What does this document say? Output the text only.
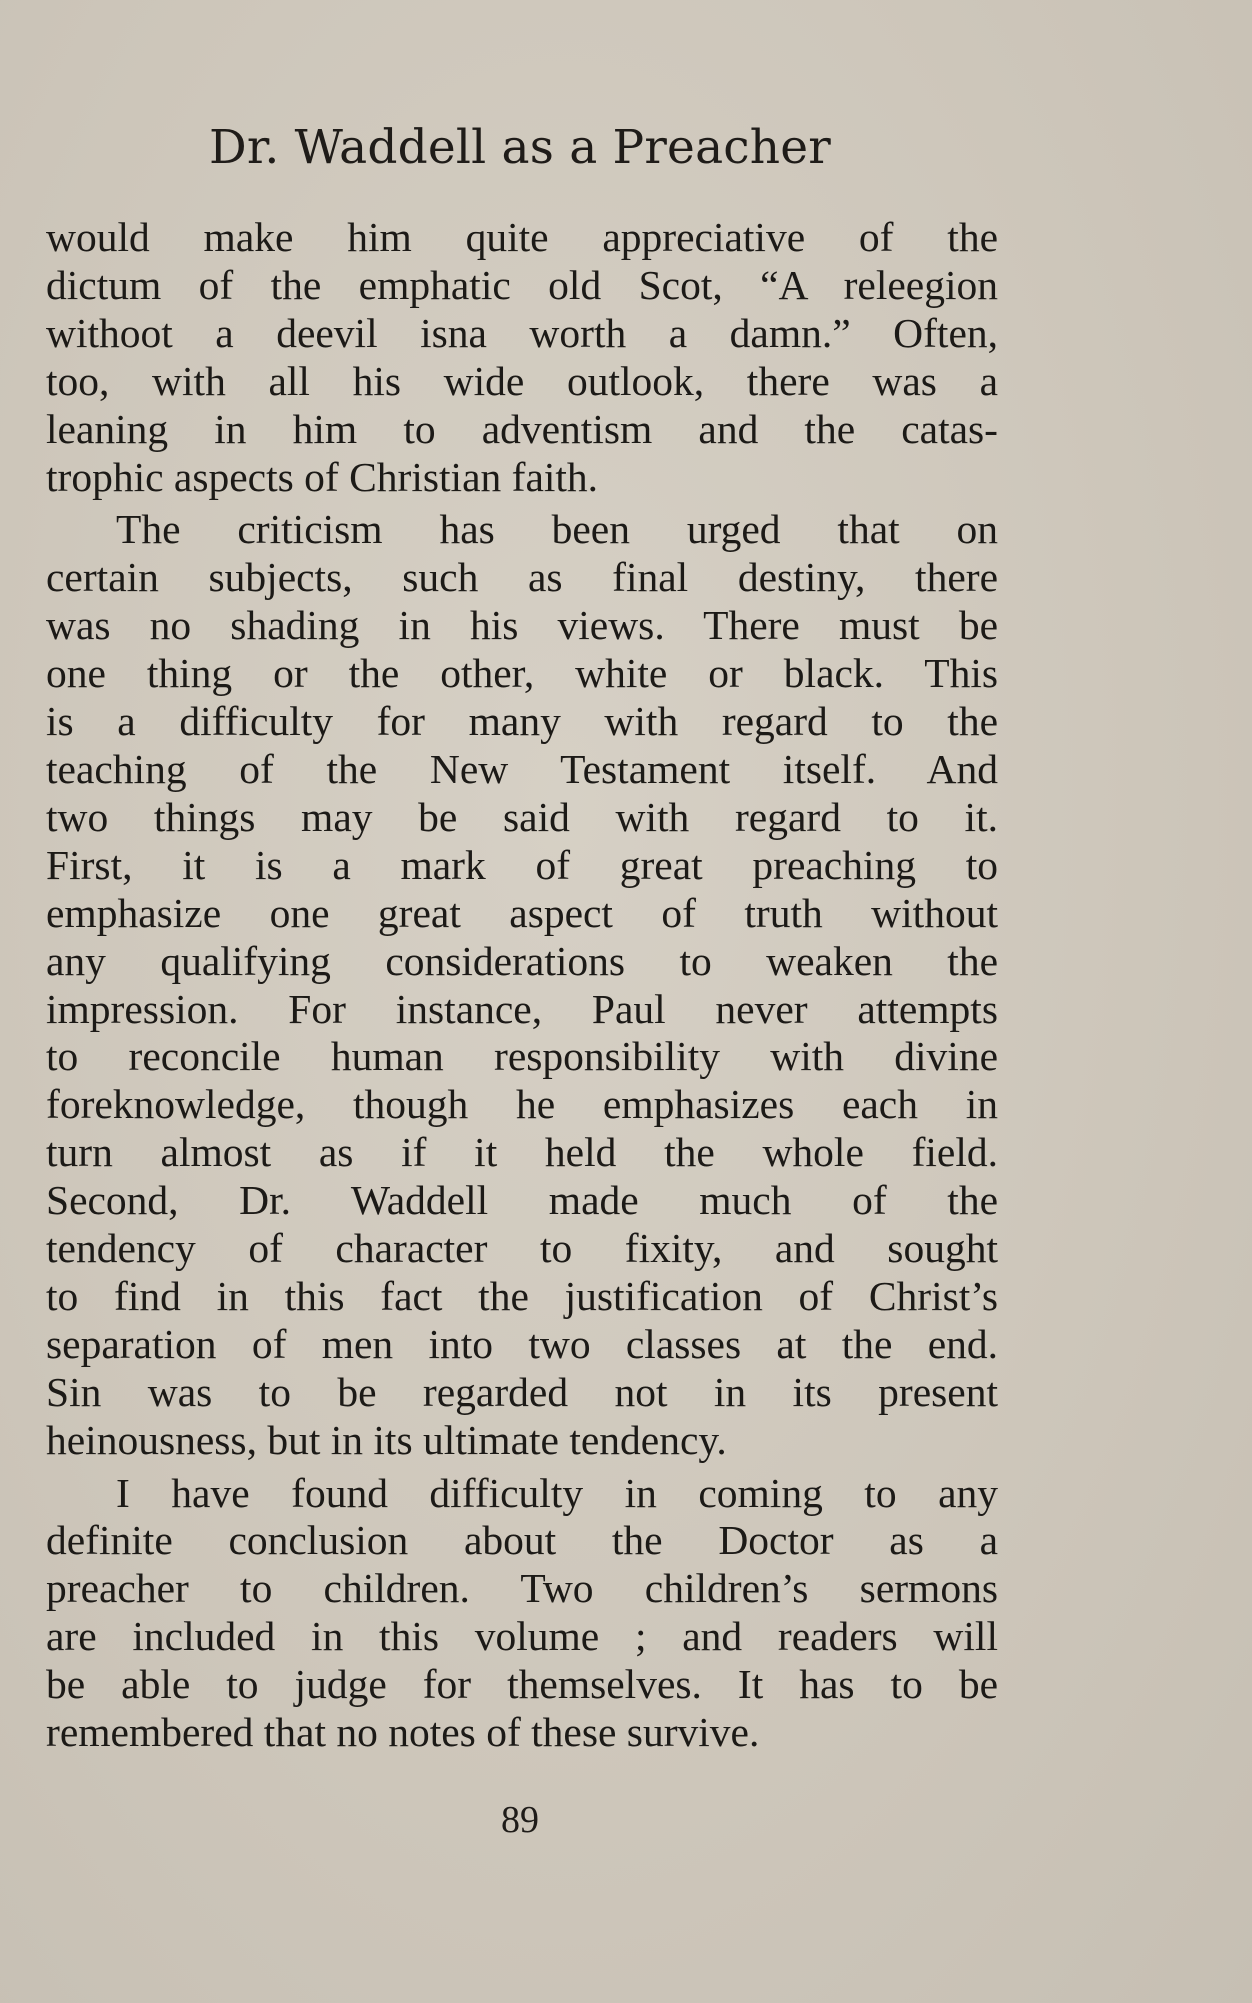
Dr. Waddell as a Preacher

would make him quite appreciative of the
dictum of the emphatic old Scot, “A releegion
withoot a deevil isna worth a damn.” Often,
too, with all his wide outlook, there was a
leaning in him to adventism and the catas-
trophic aspects of Christian faith.

The criticism has been urged that on
certain subjects, such as final destiny, there
was no shading in his views. There must be
one thing or the other, white or black. This
is a difficulty for many with regard to the
teaching of the New Testament itself. And
two things may be said with regard to it.
First, it is a mark of great preaching to
emphasize one great aspect of truth without
any qualifying considerations to weaken the
impression. For instance, Paul never attempts
to reconcile human responsibility with divine
foreknowledge, though he emphasizes each in
turn almost as if it held the whole field.
Second, Dr. Waddell made much of the
tendency of character to fixity, and sought
to find in this fact the justification of Christ’s
separation of men into two classes at the end.
Sin was to be regarded not in its present
heinousness, but in its ultimate tendency.

I have found difficulty in coming to any
definite conclusion about the Doctor as a
preacher to children. Two children’s sermons
are included in this volume ; and readers will
be able to judge for themselves. It has to be
remembered that no notes of these survive.

89
